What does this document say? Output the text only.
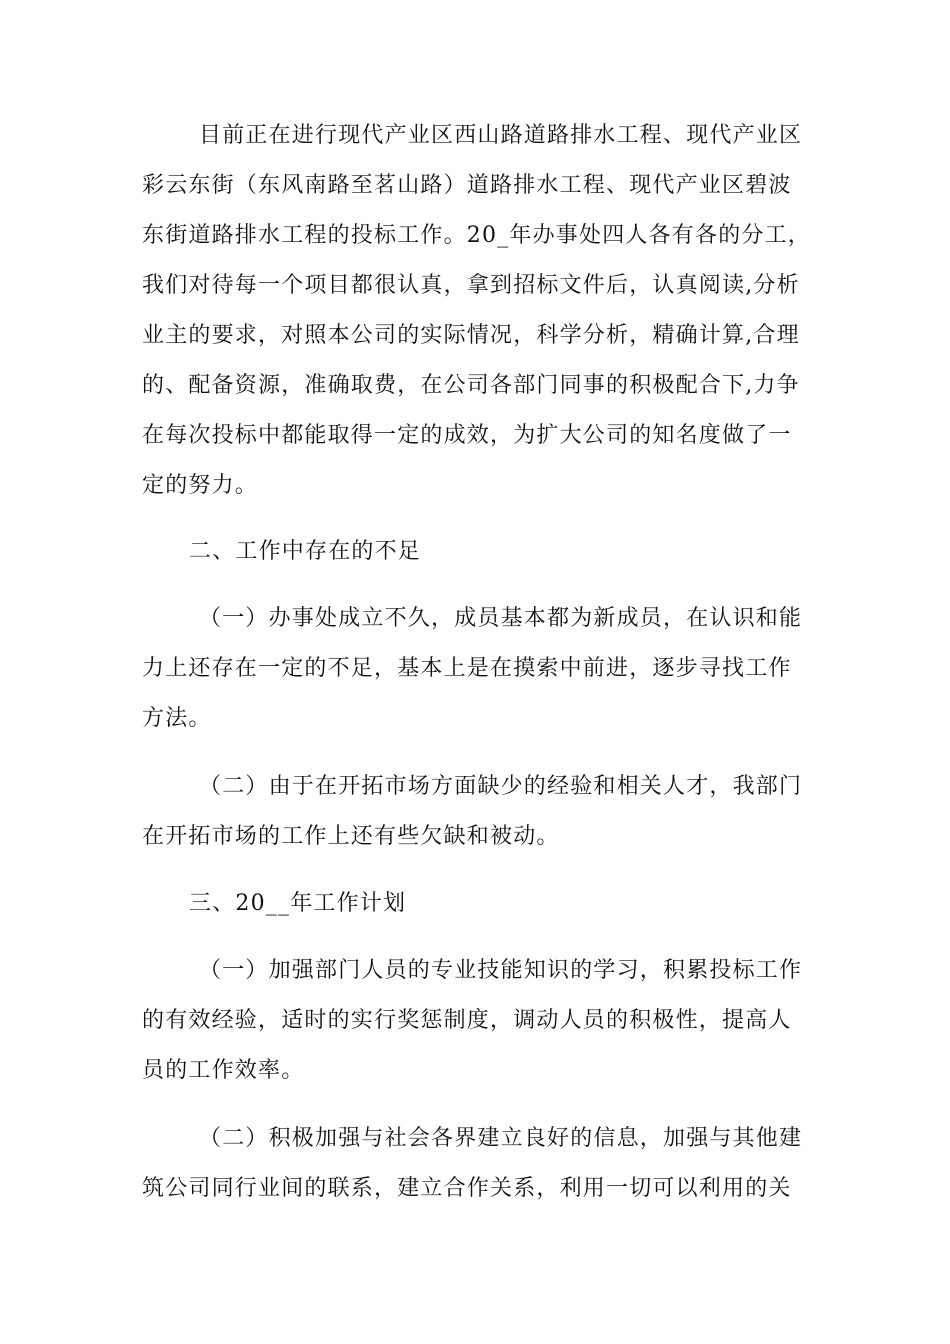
目前正在进行现代产业区西山路道路排水工程、现代产业区
彩云东街（东风南路至茗山路）道路排水工程、现代产业区碧波
东街道路排水工程的投标工作。20_年办事处四人各有各的分工，
我们对待每一个项目都很认真，拿到招标文件后，认真阅读,分析
业主的要求，对照本公司的实际情况，科学分析，精确计算,合理
的、配备资源，准确取费，在公司各部门同事的积极配合下,力争
在每次投标中都能取得一定的成效，为扩大公司的知名度做了一
定的努力。
二、工作中存在的不足
（一）办事处成立不久，成员基本都为新成员，在认识和能
力上还存在一定的不足，基本上是在摸索中前进，逐步寻找工作
方法。
（二）由于在开拓市场方面缺少的经验和相关人才，我部门
在开拓市场的工作上还有些欠缺和被动。
三、20__年工作计划
（一）加强部门人员的专业技能知识的学习，积累投标工作
的有效经验，适时的实行奖惩制度，调动人员的积极性，提高人
员的工作效率。
（二）积极加强与社会各界建立良好的信息，加强与其他建
筑公司同行业间的联系，建立合作关系，利用一切可以利用的关
